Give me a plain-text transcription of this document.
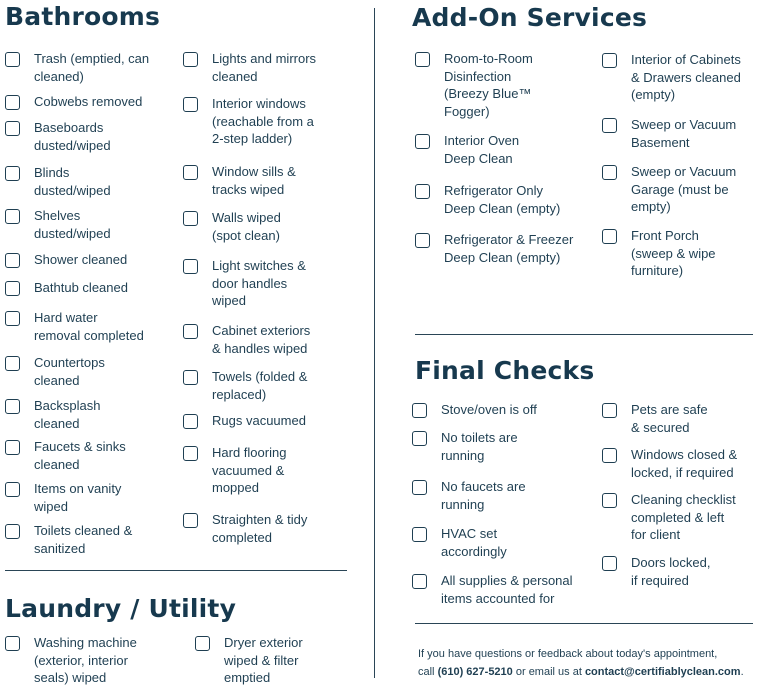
Bathrooms
Laundry / Utility
Add-On Services
Final Checks
Trash (emptied, can
cleaned)
Cobwebs removed
Baseboards
dusted/wiped
Blinds
dusted/wiped
Shelves
dusted/wiped
Shower cleaned
Bathtub cleaned
Hard water
removal completed
Countertops
cleaned
Backsplash
cleaned
Faucets & sinks
cleaned
Items on vanity
wiped
Toilets cleaned &
sanitized
Lights and mirrors
cleaned
Interior windows
(reachable from a
2-step ladder)
Window sills &
tracks wiped
Walls wiped
(spot clean)
Light switches &
door handles
wiped
Cabinet exteriors
& handles wiped
Towels (folded &
replaced)
Rugs vacuumed
Hard flooring
vacuumed &
mopped
Straighten & tidy
completed
Washing machine
(exterior, interior
seals) wiped
Dryer exterior
wiped & filter
emptied
Room-to-Room
Disinfection
(Breezy Blue™
Fogger)
Interior Oven
Deep Clean
Refrigerator Only
Deep Clean (empty)
Refrigerator & Freezer
Deep Clean (empty)
Interior of Cabinets
& Drawers cleaned
(empty)
Sweep or Vacuum
Basement
Sweep or Vacuum
Garage (must be
empty)
Front Porch
(sweep & wipe
furniture)
Stove/oven is off
No toilets are
running
No faucets are
running
HVAC set
accordingly
All supplies & personal
items accounted for
Pets are safe
& secured
Windows closed &
locked, if required
Cleaning checklist
completed & left
for client
Doors locked,
if required
If you have questions or feedback about today's appointment,
call (610) 627-5210 or email us at contact@certifiablyclean.com.
